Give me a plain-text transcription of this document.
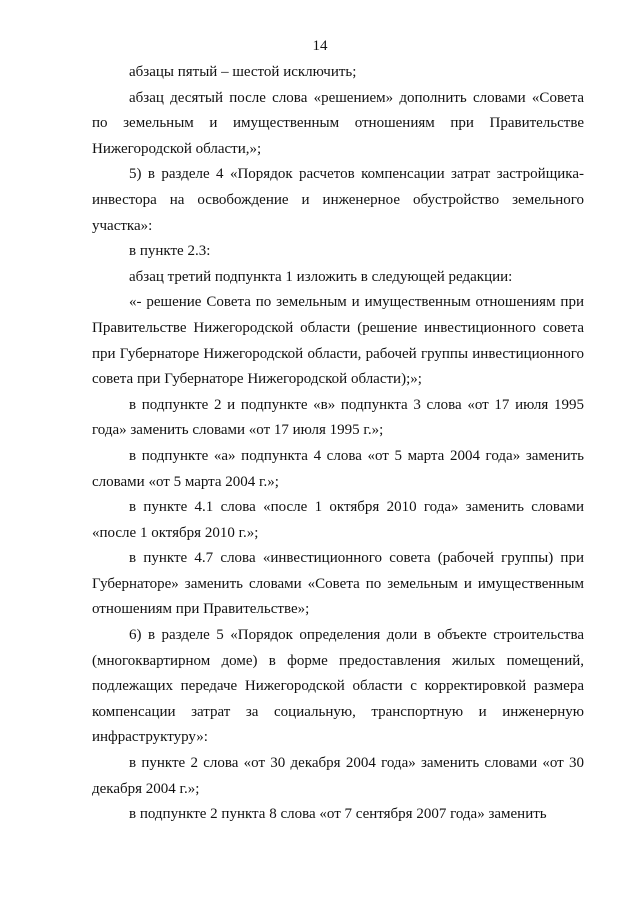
14

абзацы пятый – шестой исключить;

абзац десятый после слова «решением» дополнить словами «Совета по земельным и имущественным отношениям при Правительстве Нижегородской области,»;

5) в разделе 4 «Порядок расчетов компенсации затрат застройщика-инвестора на освобождение и инженерное обустройство земельного участка»:

в пункте 2.3:

абзац третий подпункта 1 изложить в следующей редакции:

«- решение Совета по земельным и имущественным отношениям при Правительстве Нижегородской области (решение инвестиционного совета при Губернаторе Нижегородской области, рабочей группы инвестиционного совета при Губернаторе Нижегородской области);»;

в подпункте 2 и подпункте «в» подпункта 3 слова «от 17 июля 1995 года» заменить словами «от 17 июля 1995 г.»;

в подпункте «а» подпункта 4 слова «от 5 марта 2004 года» заменить словами «от 5 марта 2004 г.»;

в пункте 4.1 слова «после 1 октября 2010 года» заменить словами «после 1 октября 2010 г.»;

в пункте 4.7 слова «инвестиционного совета (рабочей группы) при Губернаторе» заменить словами «Совета по земельным и имущественным отношениям при Правительстве»;

6) в разделе 5 «Порядок определения доли в объекте строительства (многоквартирном доме) в форме предоставления жилых помещений, подлежащих передаче Нижегородской области с корректировкой размера компенсации затрат за социальную, транспортную и инженерную инфраструктуру»:

в пункте 2 слова «от 30 декабря 2004 года» заменить словами «от 30 декабря 2004 г.»;

в подпункте 2 пункта 8 слова «от 7 сентября 2007 года» заменить
